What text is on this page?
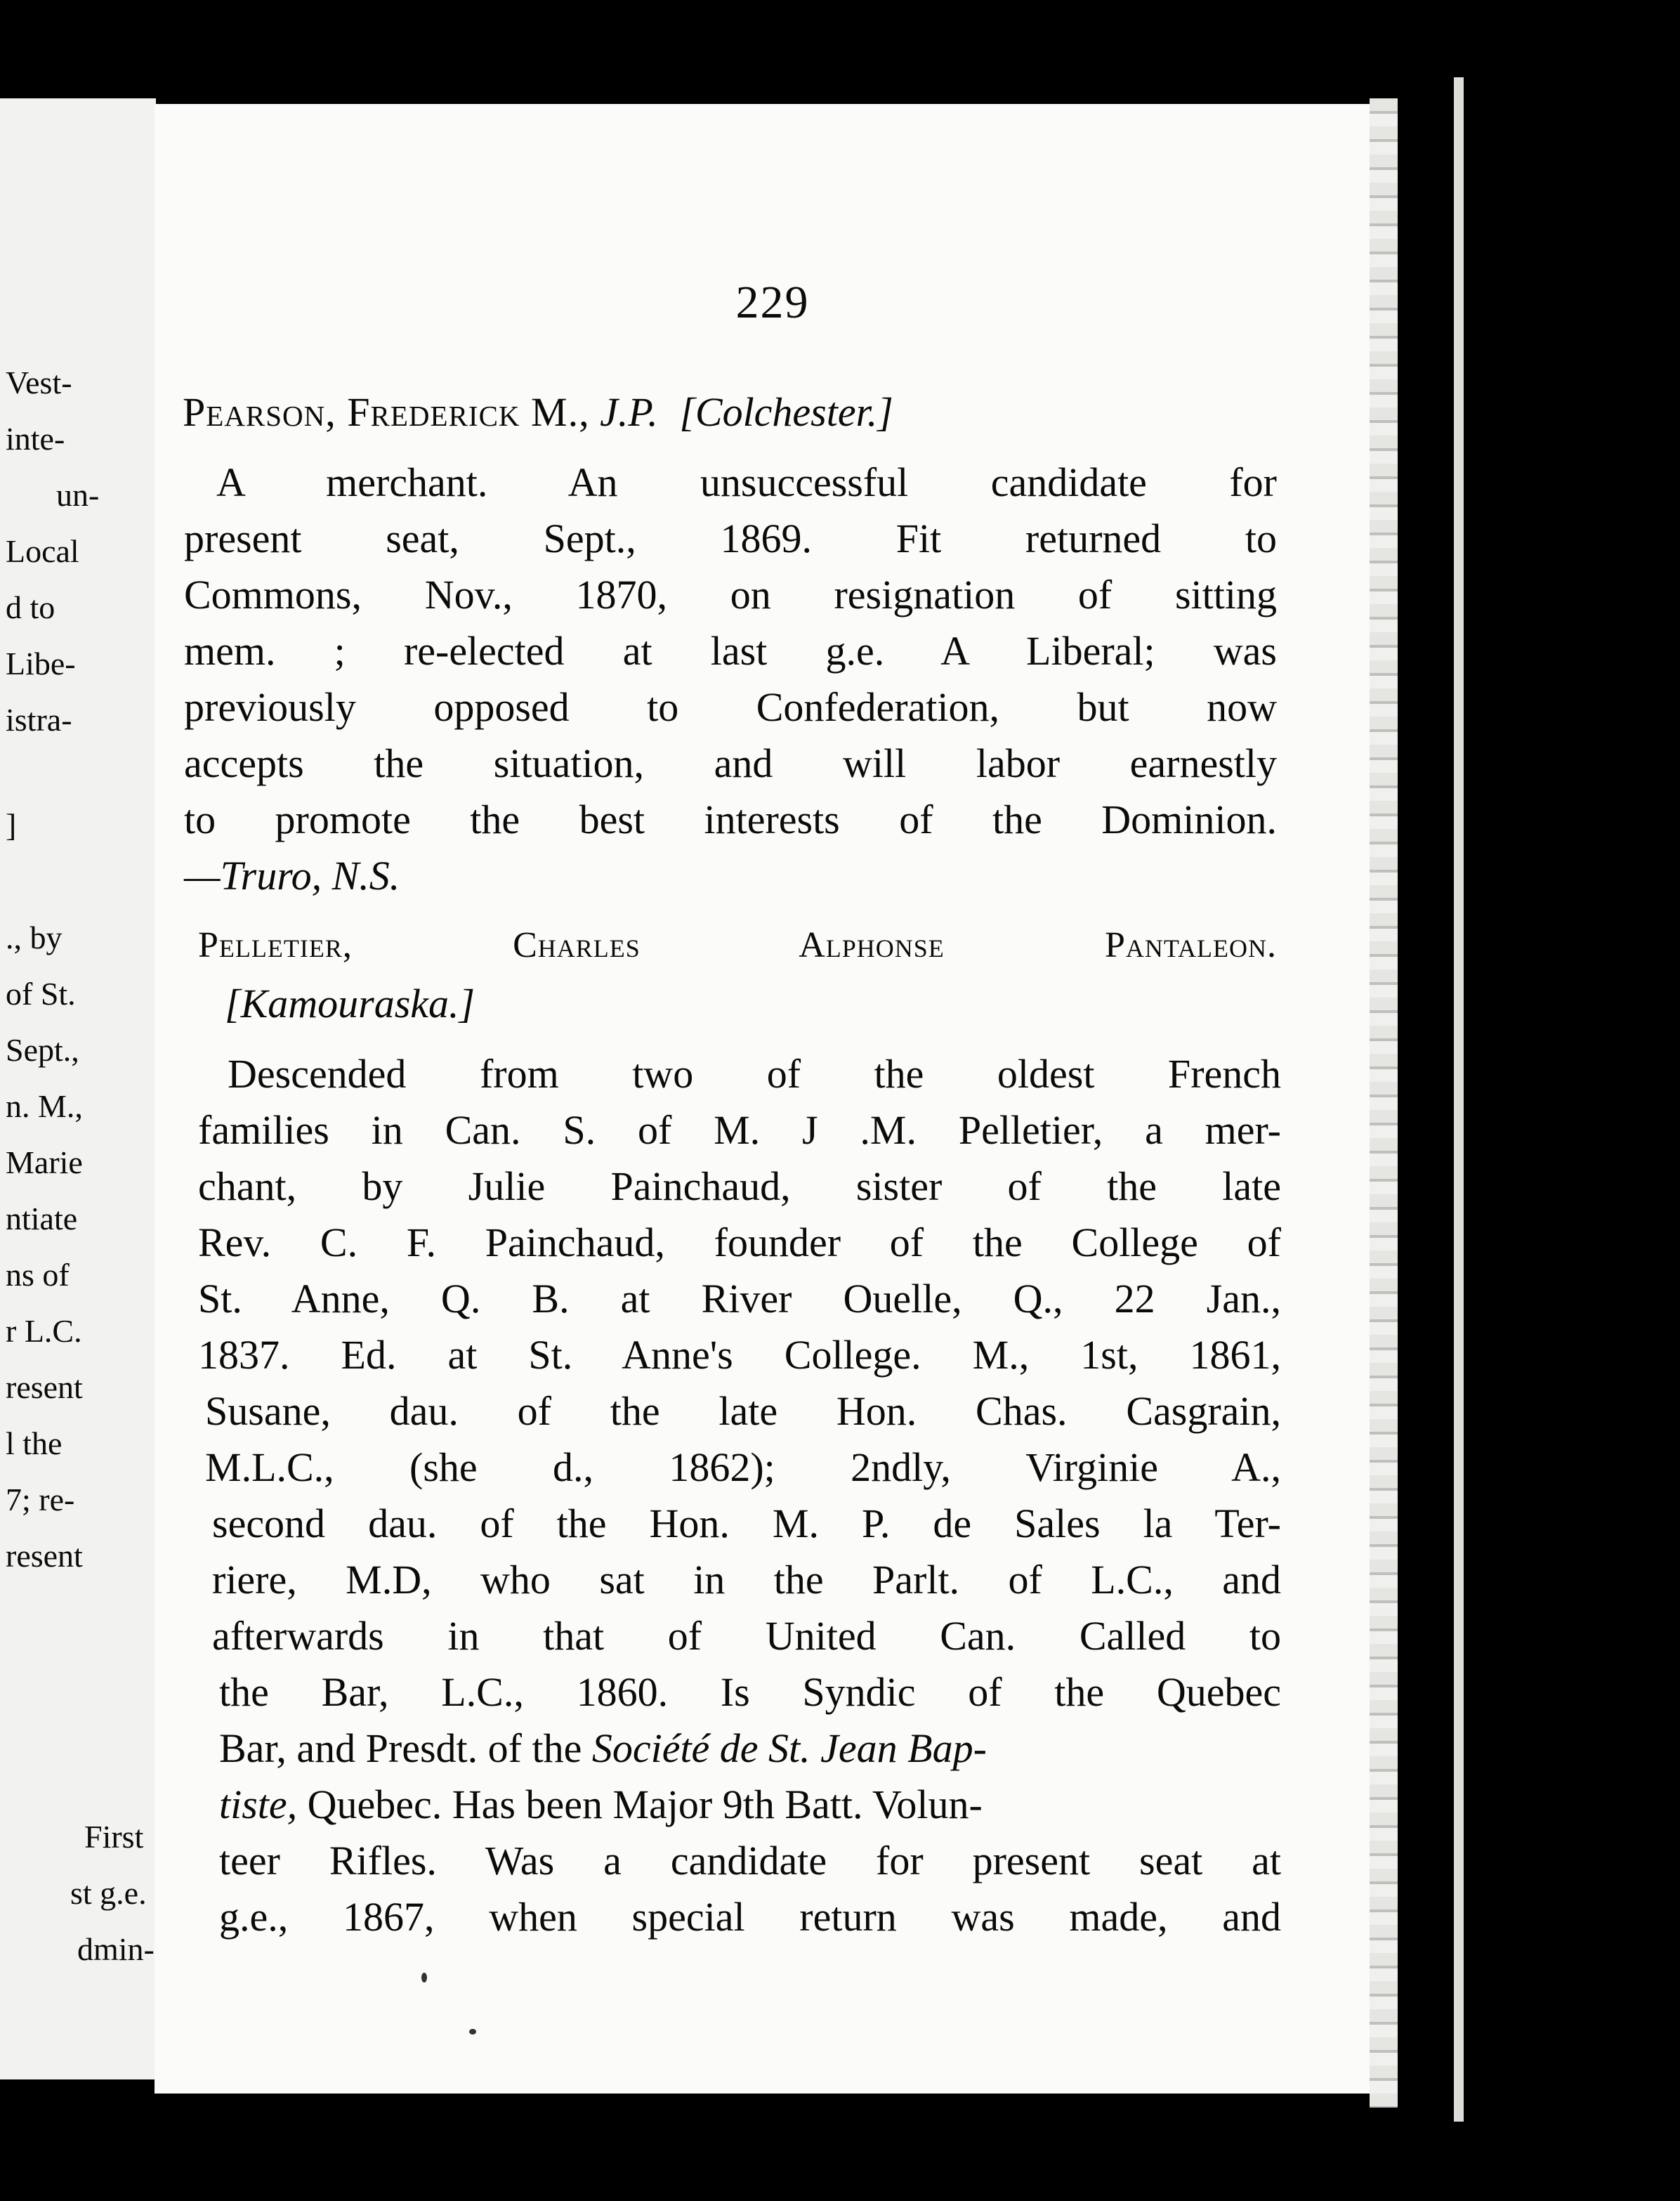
Vest-
inte-
un-
Local
d to
Libe-
istra-
]
., by
of St.
Sept.,
n. M.,
Marie
ntiate
ns of
r L.C.
resent
l the
7; re-
resent
First
st g.e.
dmin-
229
Pearson, Frederick M., J.P. [Colchester.]
A merchant. An unsuccessful candidate for
present seat, Sept., 1869. Fit returned to
Commons, Nov., 1870, on resignation of sitting
mem. ; re-elected at last g.e. A Liberal; was
previously opposed to Confederation, but now
accepts the situation, and will labor earnestly
to promote the best interests of the Dominion.
—Truro, N.S.
Pelletier,	Charles	Alphonse	Pantaleon.
[Kamouraska.]
Descended from two of the oldest French
families in Can. S. of M. J .M. Pelletier, a mer-
chant, by Julie Painchaud, sister of the late
Rev. C. F. Painchaud, founder of the College of
St. Anne, Q. B. at River Ouelle, Q., 22 Jan.,
1837. Ed. at St. Anne's College. M., 1st, 1861,
Susane, dau. of the late Hon. Chas. Casgrain,
M.L.C., (she d., 1862); 2ndly, Virginie A.,
second dau. of the Hon. M. P. de Sales la Ter-
riere, M.D, who sat in the Parlt. of L.C., and
afterwards in that of United Can. Called to
the Bar, L.C., 1860. Is Syndic of the Quebec
Bar, and Presdt. of the Société de St. Jean Bap-
tiste, Quebec. Has been Major 9th Batt. Volun-
teer Rifles. Was a candidate for present seat at
g.e., 1867, when special return was made, and
